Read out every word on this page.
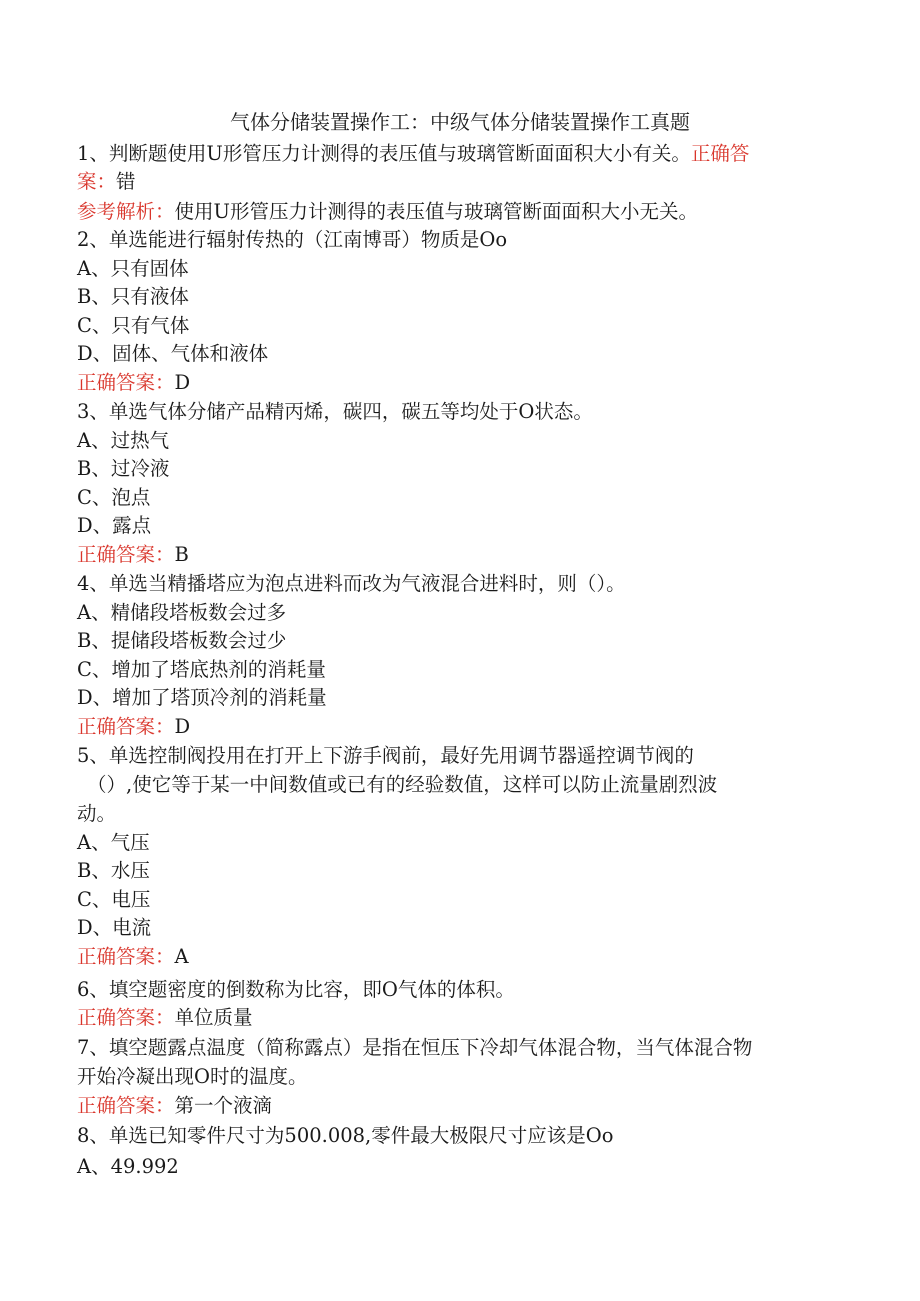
气体分储装置操作工：中级气体分储装置操作工真题
1、判断题使用U形管压力计测得的表压值与玻璃管断面面积大小有关。正确答
案：错
参考解析：使用U形管压力计测得的表压值与玻璃管断面面积大小无关。
2、单选能进行辐射传热的（江南博哥）物质是Oo
A、只有固体
B、只有液体
C、只有气体
D、固体、气体和液体
正确答案：D
3、单选气体分储产品精丙烯，碳四，碳五等均处于O状态。
A、过热气
B、过冷液
C、泡点
D、露点
正确答案：B
4、单选当精播塔应为泡点进料而改为气液混合进料时，则（）。
A、精储段塔板数会过多
B、提储段塔板数会过少
C、增加了塔底热剂的消耗量
D、增加了塔顶冷剂的消耗量
正确答案：D
5、单选控制阀投用在打开上下游手阀前，最好先用调节器遥控调节阀的
（）,使它等于某一中间数值或已有的经验数值，这样可以防止流量剧烈波
动。
A、气压
B、水压
C、电压
D、电流
正确答案：A
6、填空题密度的倒数称为比容，即O气体的体积。
正确答案：单位质量
7、填空题露点温度（简称露点）是指在恒压下冷却气体混合物，当气体混合物
开始冷凝出现O时的温度。
正确答案：第一个液滴
8、单选已知零件尺寸为500.008,零件最大极限尺寸应该是Oo
A、49.992
